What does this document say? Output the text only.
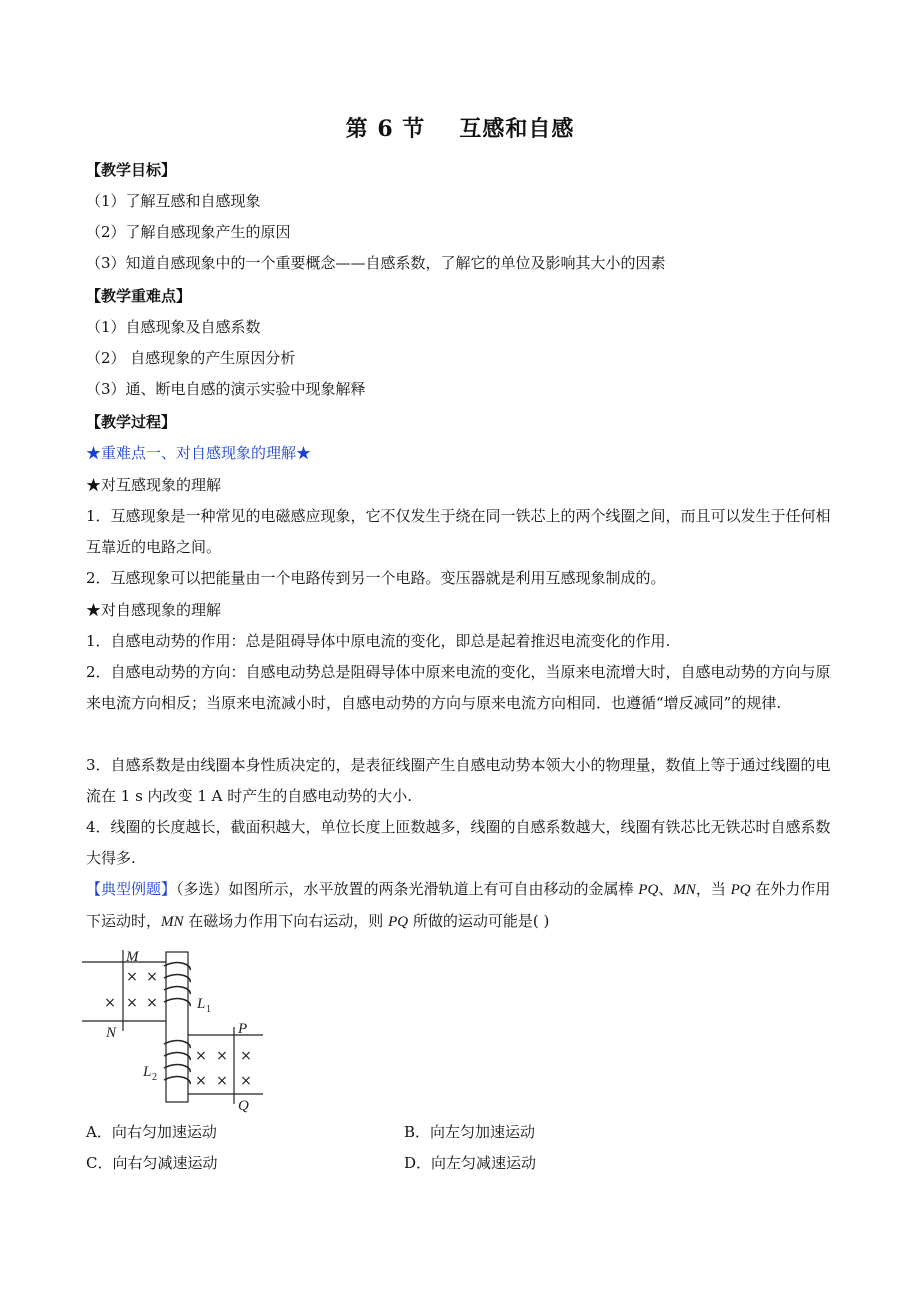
第 6 节 互感和自感
【教学目标】
（1）了解互感和自感现象
（2）了解自感现象产生的原因
（3）知道自感现象中的一个重要概念——自感系数，了解它的单位及影响其大小的因素
【教学重难点】
（1）自感现象及自感系数
（2） 自感现象的产生原因分析
（3）通、断电自感的演示实验中现象解释
【教学过程】
★重难点一、对自感现象的理解★
★对互感现象的理解
1．互感现象是一种常见的电磁感应现象，它不仅发生于绕在同一铁芯上的两个线圈之间，而且可以发生于任何相互靠近的电路之间。
2．互感现象可以把能量由一个电路传到另一个电路。变压器就是利用互感现象制成的。
★对自感现象的理解
1．自感电动势的作用：总是阻碍导体中原电流的变化，即总是起着推迟电流变化的作用.
2．自感电动势的方向：自感电动势总是阻碍导体中原来电流的变化，当原来电流增大时，自感电动势的方向与原来电流方向相反；当原来电流减小时，自感电动势的方向与原来电流方向相同．也遵循“增反减同”的规律.
3．自感系数是由线圈本身性质决定的，是表征线圈产生自感电动势本领大小的物理量，数值上等于通过线圈的电流在 1 s 内改变 1 A 时产生的自感电动势的大小.
4．线圈的长度越长，截面积越大，单位长度上匝数越多，线圈的自感系数越大，线圈有铁芯比无铁芯时自感系数大得多.
【典型例题】（多选）如图所示，水平放置的两条光滑轨道上有可自由移动的金属棒 PQ、MN，当 PQ 在外力作用下运动时，MN 在磁场力作用下向右运动，则 PQ 所做的运动可能是( )
× ×
× × ×
× × ×
× × ×
M
N	P
Q
L
L
1
2
A．向右匀加速运动	B．向左匀加速运动
C．向右匀减速运动	D．向左匀减速运动
